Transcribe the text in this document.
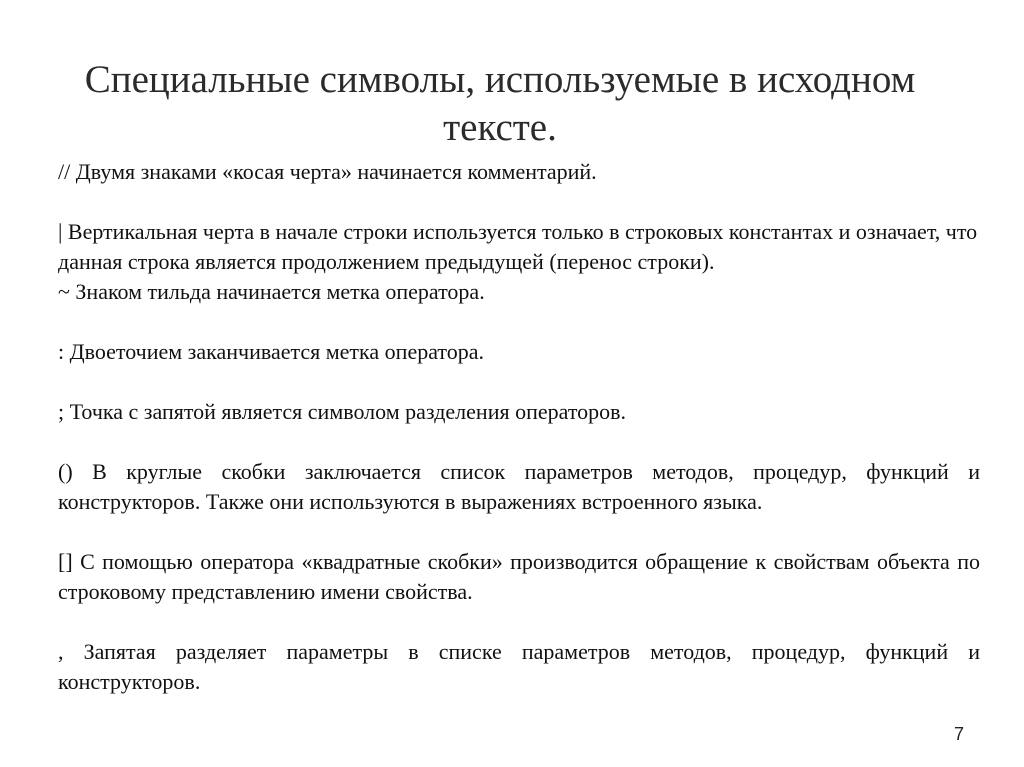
Специальные символы, используемые в исходном тексте.

// Двумя знаками «косая черта» начинается комментарий.

| Вертикальная черта в начале строки используется только в строковых константах и означает, что данная строка является продолжением предыдущей (перенос строки).

~ Знаком тильда начинается метка оператора.

: Двоеточием заканчивается метка оператора.

; Точка с запятой является символом разделения операторов.

() В круглые скобки заключается список параметров методов, процедур, функций и конструкторов. Также они используются в выражениях встроенного языка.

[] С помощью оператора «квадратные скобки» производится обращение к свойствам объекта по строковому представлению имени свойства.

, Запятая разделяет параметры в списке параметров методов, процедур, функций и конструкторов.

7
